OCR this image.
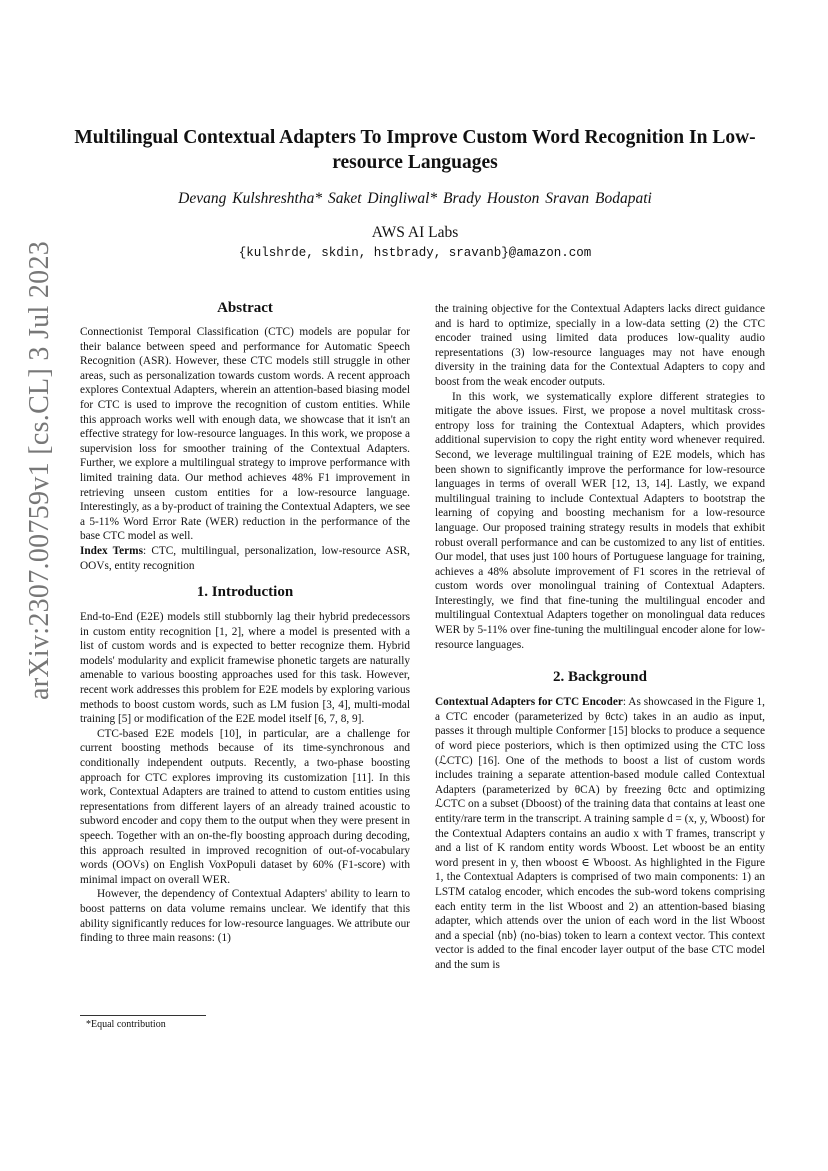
arXiv:2307.00759v1 [cs.CL] 3 Jul 2023
Multilingual Contextual Adapters To Improve Custom Word Recognition In Low-resource Languages
Devang Kulshreshtha* Saket Dingliwal* Brady Houston Sravan Bodapati
AWS AI Labs
{kulshrde, skdin, hstbrady, sravanb}@amazon.com
Abstract

Connectionist Temporal Classification (CTC) models are popular for their balance between speed and performance for Automatic Speech Recognition (ASR). However, these CTC models still struggle in other areas, such as personalization towards custom words. A recent approach explores Contextual Adapters, wherein an attention-based biasing model for CTC is used to improve the recognition of custom entities. While this approach works well with enough data, we showcase that it isn't an effective strategy for low-resource languages. In this work, we propose a supervision loss for smoother training of the Contextual Adapters. Further, we explore a multilingual strategy to improve performance with limited training data. Our method achieves 48% F1 improvement in retrieving unseen custom entities for a low-resource language. Interestingly, as a by-product of training the Contextual Adapters, we see a 5-11% Word Error Rate (WER) reduction in the performance of the base CTC model as well.

Index Terms: CTC, multilingual, personalization, low-resource ASR, OOVs, entity recognition

1. Introduction

End-to-End (E2E) models still stubbornly lag their hybrid predecessors in custom entity recognition [1, 2], where a model is presented with a list of custom words and is expected to better recognize them. Hybrid models' modularity and explicit framewise phonetic targets are naturally amenable to various boosting approaches used for this task. However, recent work addresses this problem for E2E models by exploring various methods to boost custom words, such as LM fusion [3, 4], multi-modal training [5] or modification of the E2E model itself [6, 7, 8, 9].

CTC-based E2E models [10], in particular, are a challenge for current boosting methods because of its time-synchronous and conditionally independent outputs. Recently, a two-phase boosting approach for CTC explores improving its customization [11]. In this work, Contextual Adapters are trained to attend to custom entities using representations from different layers of an already trained acoustic to subword encoder and copy them to the output when they were present in speech. Together with an on-the-fly boosting approach during decoding, this approach resulted in improved recognition of out-of-vocabulary words (OOVs) on English VoxPopuli dataset by 60% (F1-score) with minimal impact on overall WER.

However, the dependency of Contextual Adapters' ability to learn to boost patterns on data volume remains unclear. We identify that this ability significantly reduces for low-resource languages. We attribute our finding to three main reasons: (1)

the training objective for the Contextual Adapters lacks direct guidance and is hard to optimize, specially in a low-data setting (2) the CTC encoder trained using limited data produces low-quality audio representations (3) low-resource languages may not have enough diversity in the training data for the Contextual Adapters to copy and boost from the weak encoder outputs.

In this work, we systematically explore different strategies to mitigate the above issues. First, we propose a novel multitask cross-entropy loss for training the Contextual Adapters, which provides additional supervision to copy the right entity word whenever required. Second, we leverage multilingual training of E2E models, which has been shown to significantly improve the performance for low-resource languages in terms of overall WER [12, 13, 14]. Lastly, we expand multilingual training to include Contextual Adapters to bootstrap the learning of copying and boosting mechanism for a low-resource language. Our proposed training strategy results in models that exhibit robust overall performance and can be customized to any list of entities. Our model, that uses just 100 hours of Portuguese language for training, achieves a 48% absolute improvement of F1 scores in the retrieval of custom words over monolingual training of Contextual Adapters. Interestingly, we find that fine-tuning the multilingual encoder and multilingual Contextual Adapters together on monolingual data reduces WER by 5-11% over fine-tuning the multilingual encoder alone for low-resource languages.

2. Background

Contextual Adapters for CTC Encoder: As showcased in the Figure 1, a CTC encoder (parameterized by θctc) takes in an audio as input, passes it through multiple Conformer [15] blocks to produce a sequence of word piece posteriors, which is then optimized using the CTC loss (ℒCTC) [16]. One of the methods to boost a list of custom words includes training a separate attention-based module called Contextual Adapters (parameterized by θCA) by freezing θctc and optimizing ℒCTC on a subset (Dboost) of the training data that contains at least one entity/rare term in the transcript. A training sample d = (x, y, Wboost) for the Contextual Adapters contains an audio x with T frames, transcript y and a list of K random entity words Wboost. Let wboost be an entity word present in y, then wboost ∈ Wboost. As highlighted in the Figure 1, the Contextual Adapters is comprised of two main components: 1) an LSTM catalog encoder, which encodes the sub-word tokens comprising each entity term in the list Wboost and 2) an attention-based biasing adapter, which attends over the union of each word in the list Wboost and a special ⟨nb⟩ (no-bias) token to learn a context vector. This context vector is added to the final encoder layer output of the base CTC model and the sum is

*Equal contribution
